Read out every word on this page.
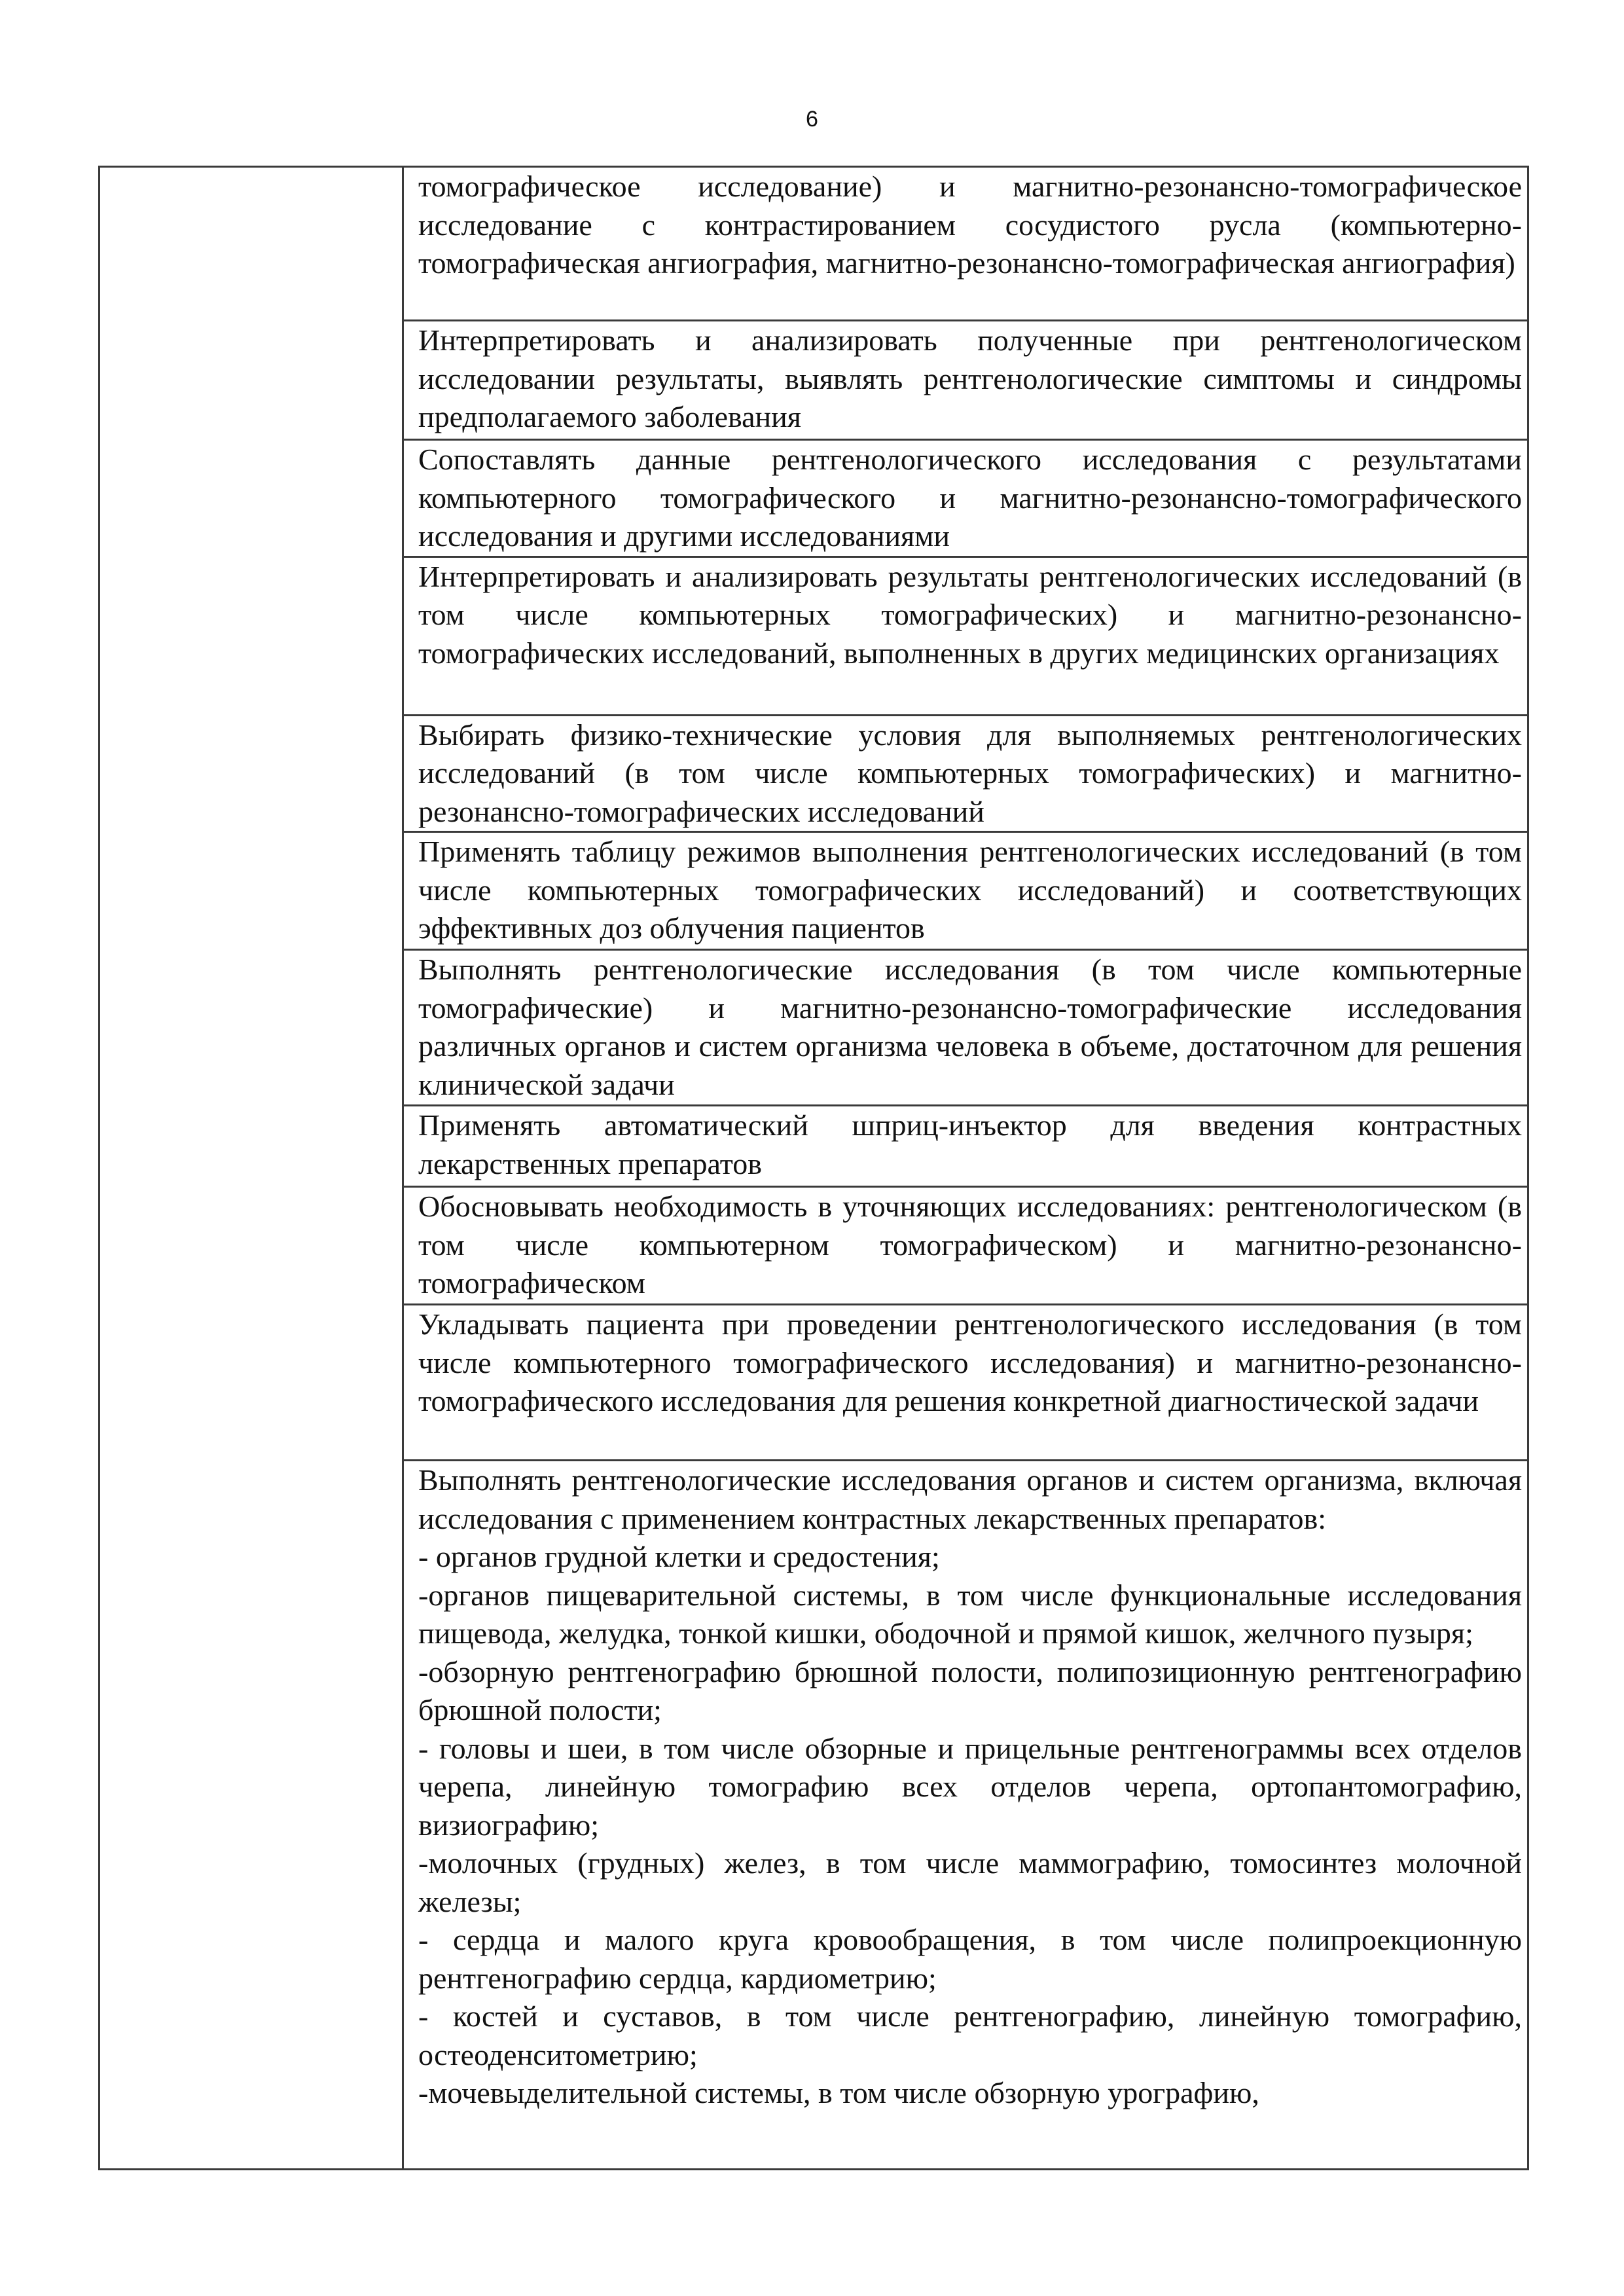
6

томографическое исследование) и магнитно-резонансно-томографическое исследование с контрастированием сосудистого русла (компьютерно-томографическая ангиография, магнитно-резонансно-томографическая ангиография)

Интерпретировать и анализировать полученные при рентгенологическом исследовании результаты, выявлять рентгенологические симптомы и синдромы предполагаемого заболевания

Сопоставлять данные рентгенологического исследования с результатами компьютерного томографического и магнитно-резонансно-томографического исследования и другими исследованиями

Интерпретировать и анализировать результаты рентгенологических исследований (в том числе компьютерных томографических) и магнитно-резонансно-томографических исследований, выполненных в других медицинских организациях

Выбирать физико-технические условия для выполняемых рентгенологических исследований (в том числе компьютерных томографических) и магнитно-резонансно-томографических исследований

Применять таблицу режимов выполнения рентгенологических исследований (в том числе компьютерных томографических исследований) и соответствующих эффективных доз облучения пациентов

Выполнять рентгенологические исследования (в том числе компьютерные томографические) и магнитно-резонансно-томографические исследования различных органов и систем организма человека в объеме, достаточном для решения клинической задачи

Применять автоматический шприц-инъектор для введения контрастных лекарственных препаратов

Обосновывать необходимость в уточняющих исследованиях: рентгенологическом (в том числе компьютерном томографическом) и магнитно-резонансно-томографическом

Укладывать пациента при проведении рентгенологического исследования (в том числе компьютерного томографического исследования) и магнитно-резонансно-томографического исследования для решения конкретной диагностической задачи

Выполнять рентгенологические исследования органов и систем организма, включая исследования с применением контрастных лекарственных препаратов:

- органов грудной клетки и средостения;

-органов пищеварительной системы, в том числе функциональные исследования пищевода, желудка, тонкой кишки, ободочной и прямой кишок, желчного пузыря;

-обзорную рентгенографию брюшной полости, полипозиционную рентгенографию брюшной полости;

- головы и шеи, в том числе обзорные и прицельные рентгенограммы всех отделов черепа, линейную томографию всех отделов черепа, ортопантомографию, визиографию;

-молочных (грудных) желез, в том числе маммографию, томосинтез молочной железы;

- сердца и малого круга кровообращения, в том числе полипроекционную рентгенографию сердца, кардиометрию;

- костей и суставов, в том числе рентгенографию, линейную томографию, остеоденситометрию;

-мочевыделительной системы, в том числе обзорную урографию,
